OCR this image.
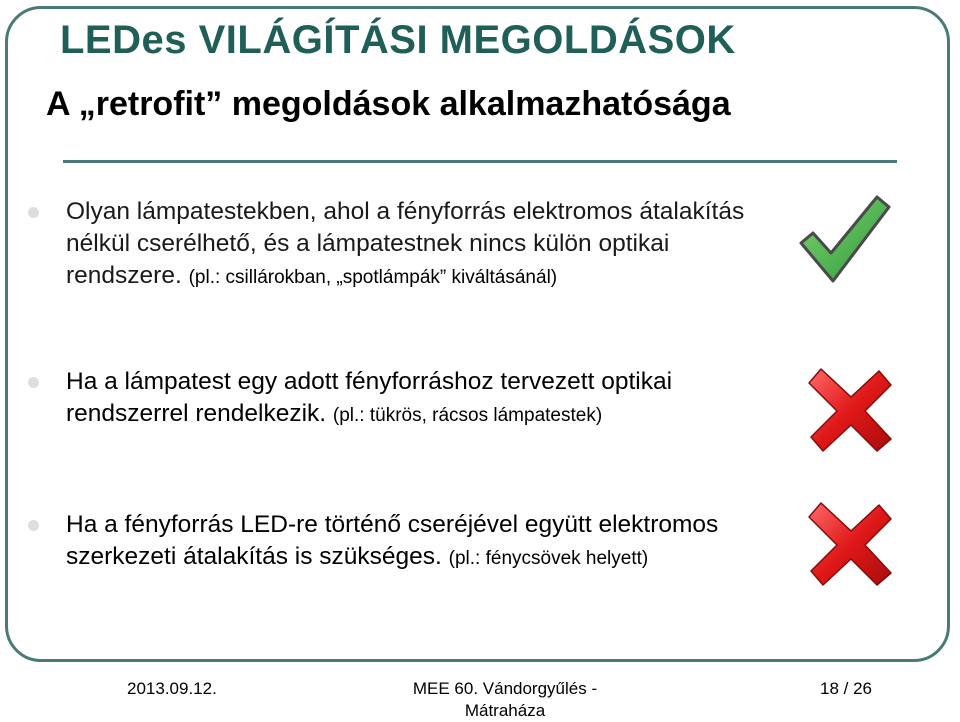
LEDes VILÁGÍTÁSI MEGOLDÁSOK
A „retrofit” megoldások alkalmazhatósága
Olyan lámpatestekben, ahol a fényforrás elektromos átalakítás nélkül cserélhető, és a lámpatestnek nincs külön optikai rendszere. (pl.: csillárokban, „spotlámpák” kiváltásánál)
Ha a lámpatest egy adott fényforráshoz tervezett optikai rendszerrel rendelkezik. (pl.: tükrös, rácsos lámpatestek)
Ha a fényforrás LED-re történő cseréjével együtt elektromos szerkezeti átalakítás is szükséges. (pl.: fénycsövek helyett)
2013.09.12.	MEE 60. Vándorgyűlés -
Mátraháza
18 / 26
